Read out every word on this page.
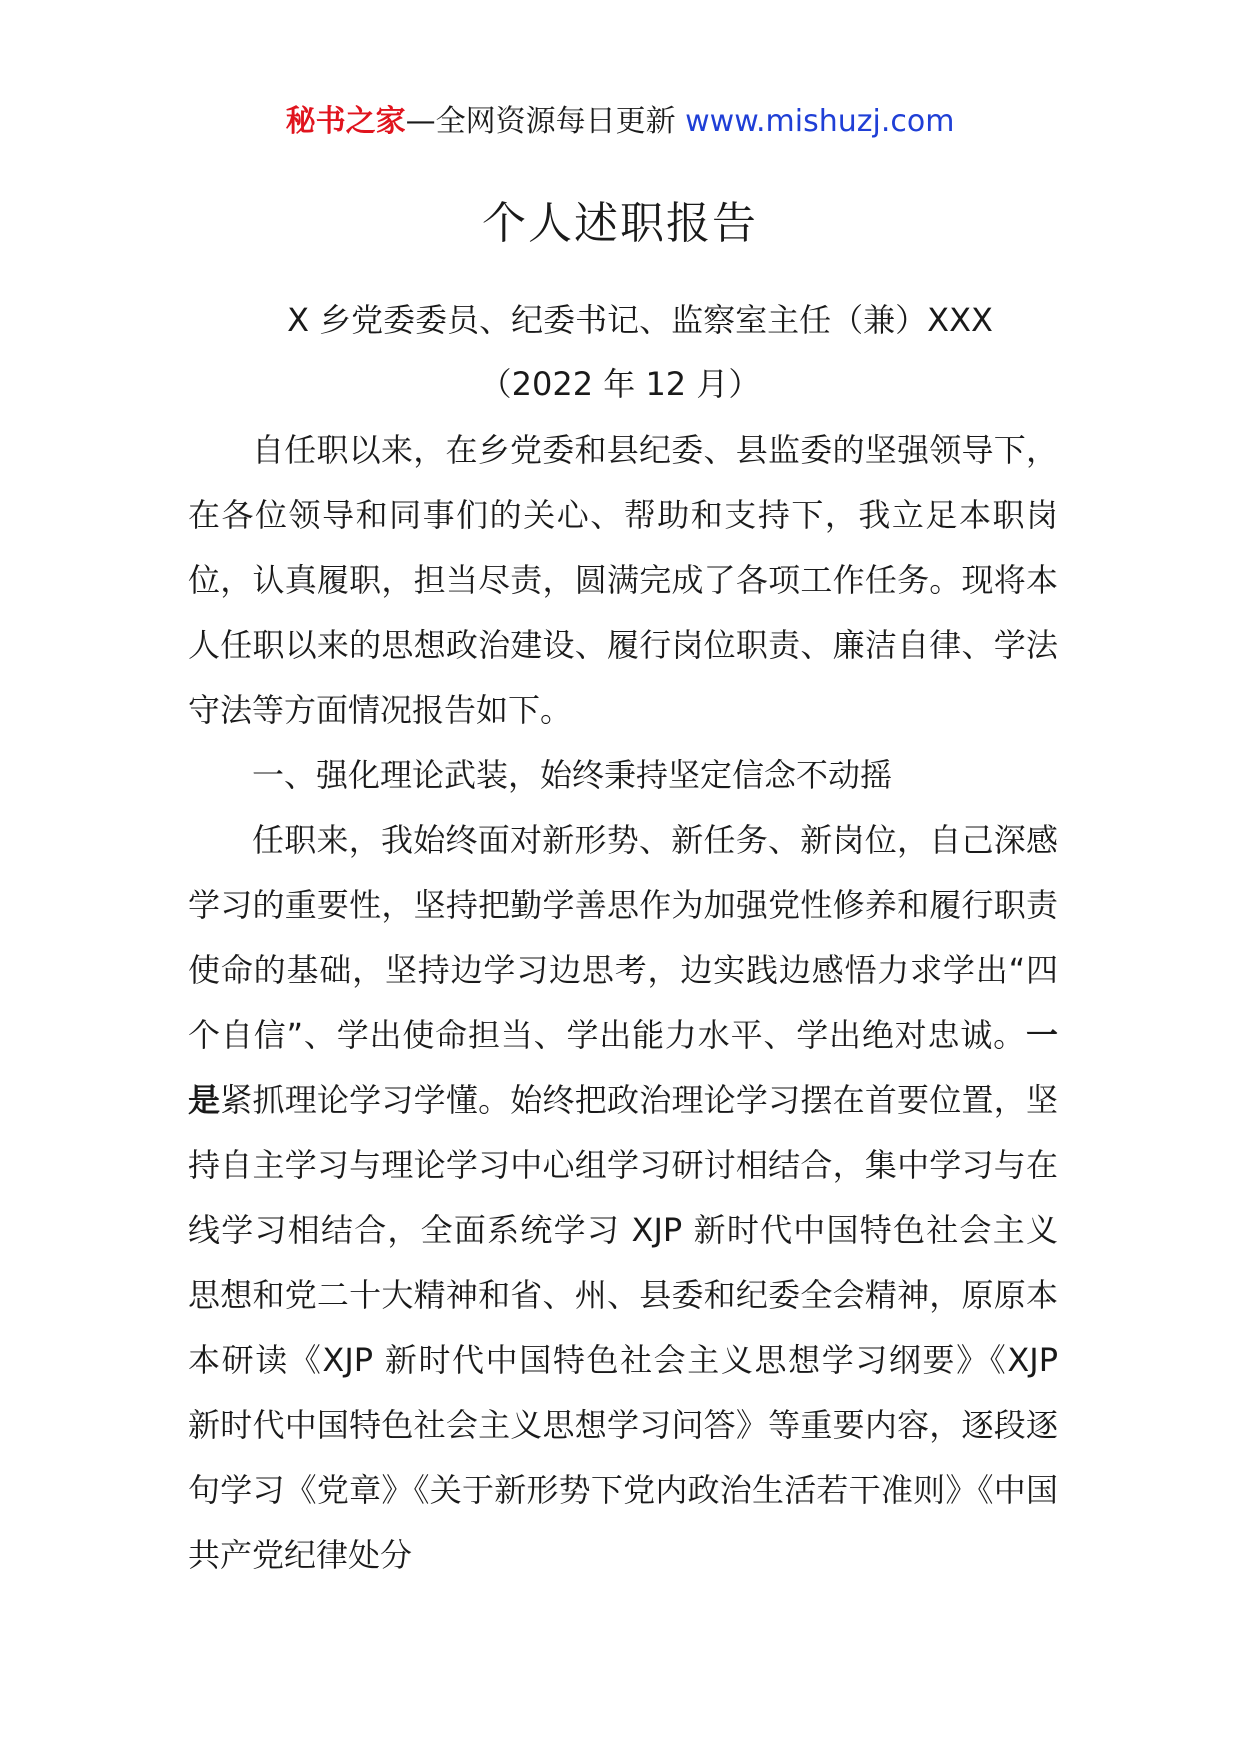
秘书之家—全网资源每日更新 www.mishuzj.com
个人述职报告
X 乡党委委员、纪委书记、监察室主任（兼）XXX
（2022 年 12 月）

自任职以来，在乡党委和县纪委、县监委的坚强领导下，在各位领导和同事们的关心、帮助和支持下，我立足本职岗位，认真履职，担当尽责，圆满完成了各项工作任务。现将本人任职以来的思想政治建设、履行岗位职责、廉洁自律、学法守法等方面情况报告如下。

一、强化理论武装，始终秉持坚定信念不动摇

任职来，我始终面对新形势、新任务、新岗位，自己深感学习的重要性，坚持把勤学善思作为加强党性修养和履行职责使命的基础，坚持边学习边思考，边实践边感悟力求学出“四个自信”、学出使命担当、学出能力水平、学出绝对忠诚。一是紧抓理论学习学懂。始终把政治理论学习摆在首要位置，坚持自主学习与理论学习中心组学习研讨相结合，集中学习与在线学习相结合，全面系统学习 XJP 新时代中国特色社会主义思想和党二十大精神和省、州、县委和纪委全会精神，原原本本研读《XJP 新时代中国特色社会主义思想学习纲要》《XJP 新时代中国特色社会主义思想学习问答》等重要内容，逐段逐句学习《党章》《关于新形势下党内政治生活若干准则》《中国共产党纪律处分
